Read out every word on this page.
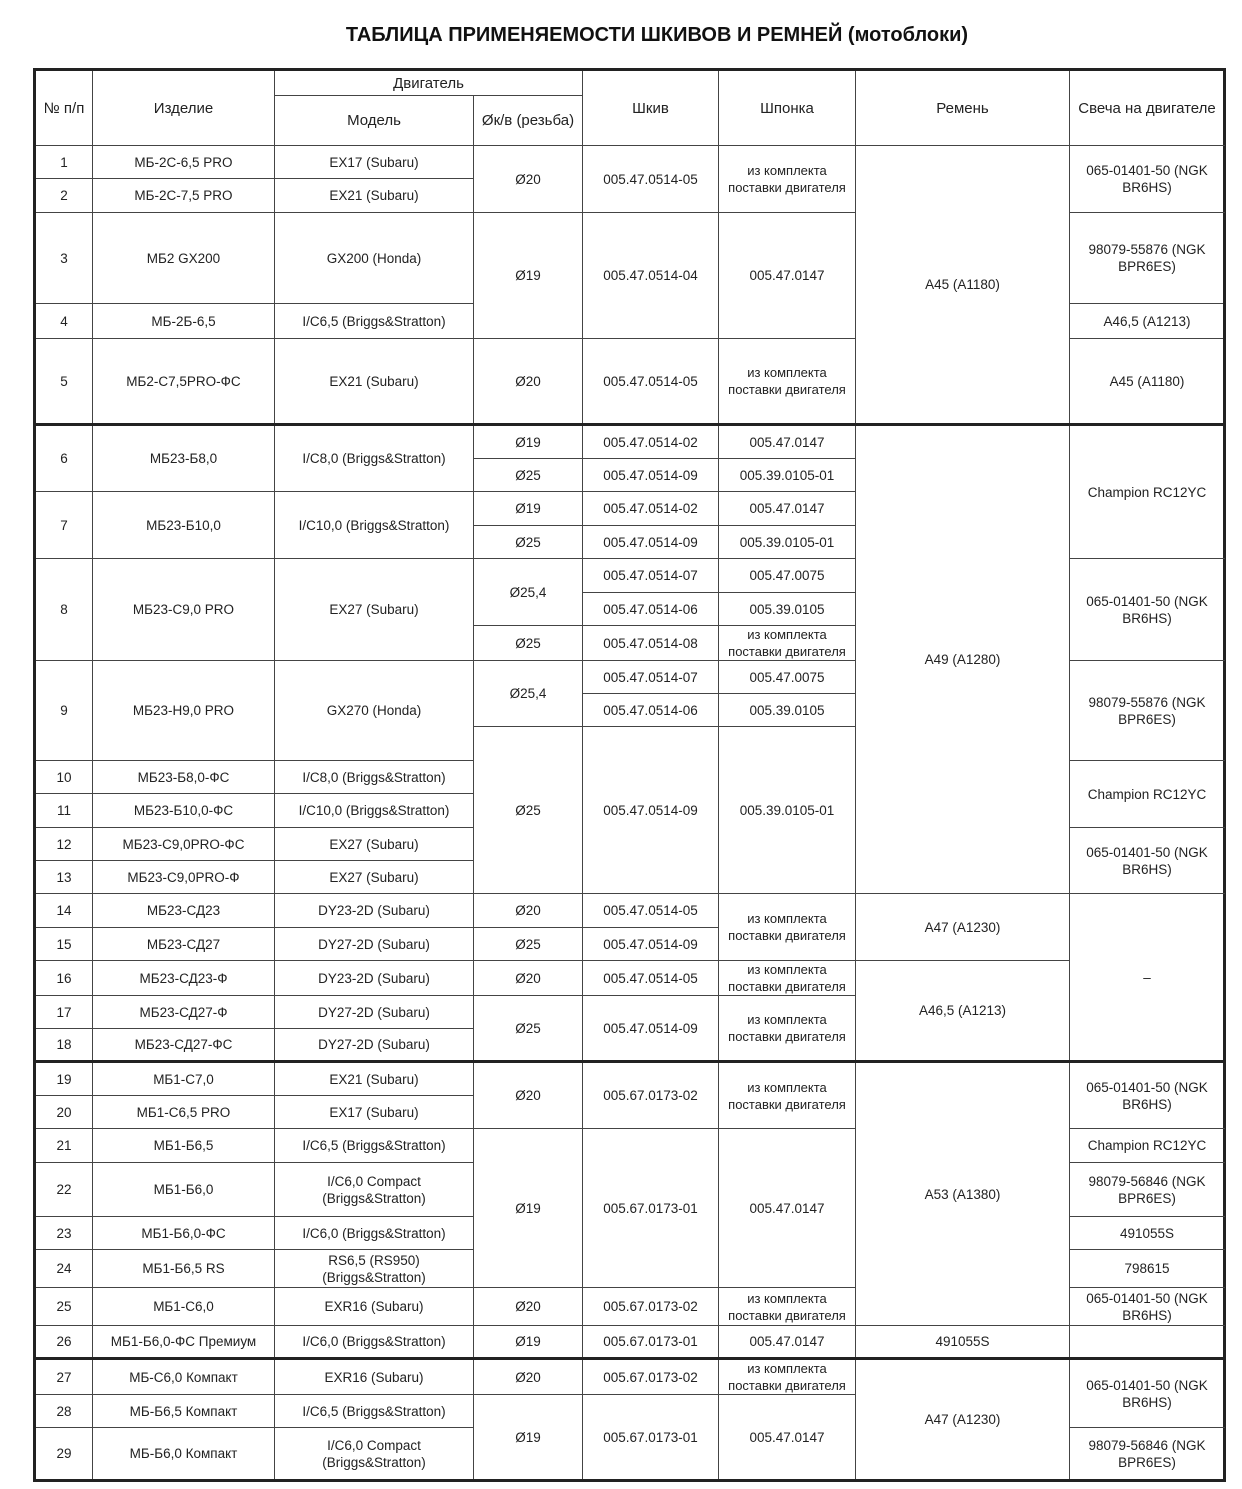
ТАБЛИЦА ПРИМЕНЯЕМОСТИ ШКИВОВ И РЕМНЕЙ (мотоблоки)
№ п/п	Изделие	Двигатель		Шкив	Шпонка	Ремень	Свеча на двигателе	
		Модель	Øк/в (резьба)					
1	МБ-2С-6,5 PRO	EX17 (Subaru)	Ø20	005.47.0514-05	из комплекта поставки двигателя	A45 (A1180)	065-01401-50 (NGK BR6HS)	
2	МБ-2С-7,5 PRO	EX21 (Subaru)						
3	МБ2 GX200	GX200 (Honda)	Ø19	005.47.0514-04	005.47.0147		98079-55876 (NGK BPR6ES)	
4	МБ-2Б-6,5	I/C6,5 (Briggs&Stratton)					A46,5 (A1213)	
5	МБ2-С7,5PRO-ФС	EX21 (Subaru)	Ø20	005.47.0514-05	из комплекта поставки двигателя		A45 (A1180)	
6	МБ23-Б8,0	I/C8,0 (Briggs&Stratton)	Ø19	005.47.0514-02	005.47.0147	A49 (A1280)	Champion RC12YC	
			Ø25	005.47.0514-09	005.39.0105-01			
7	МБ23-Б10,0	I/C10,0 (Briggs&Stratton)	Ø19	005.47.0514-02	005.47.0147			
			Ø25	005.47.0514-09	005.39.0105-01			
8	МБ23-С9,0 PRO	EX27 (Subaru)	Ø25,4	005.47.0514-07	005.47.0075		065-01401-50 (NGK BR6HS)	
				005.47.0514-06	005.39.0105			
			Ø25	005.47.0514-08	из комплекта поставки двигателя			
9	МБ23-Н9,0 PRO	GX270 (Honda)	Ø25,4	005.47.0514-07	005.47.0075		98079-55876 (NGK BPR6ES)	
				005.47.0514-06	005.39.0105			
			Ø25	005.47.0514-09	005.39.0105-01			
10	МБ23-Б8,0-ФС	I/C8,0 (Briggs&Stratton)					Champion RC12YC	
11	МБ23-Б10,0-ФС	I/C10,0 (Briggs&Stratton)						
12	МБ23-С9,0PRO-ФС	EX27 (Subaru)					065-01401-50 (NGK BR6HS)	
13	МБ23-С9,0PRO-Ф	EX27 (Subaru)						
14	МБ23-СД23	DY23-2D (Subaru)	Ø20	005.47.0514-05	из комплекта поставки двигателя	A47 (A1230)	–	
15	МБ23-СД27	DY27-2D (Subaru)	Ø25	005.47.0514-09				
16	МБ23-СД23-Ф	DY23-2D (Subaru)	Ø20	005.47.0514-05	из комплекта поставки двигателя	A46,5 (A1213)		
17	МБ23-СД27-Ф	DY27-2D (Subaru)	Ø25	005.47.0514-09	из комплекта поставки двигателя			
18	МБ23-СД27-ФС	DY27-2D (Subaru)						
19	МБ1-С7,0	EX21 (Subaru)	Ø20	005.67.0173-02	из комплекта поставки двигателя	A53 (A1380)	065-01401-50 (NGK BR6HS)	
20	МБ1-С6,5 PRO	EX17 (Subaru)						
21	МБ1-Б6,5	I/C6,5 (Briggs&Stratton)	Ø19	005.67.0173-01	005.47.0147		Champion RC12YC	
22	МБ1-Б6,0	I/C6,0 Compact (Briggs&Stratton)					98079-56846 (NGK BPR6ES)	
23	МБ1-Б6,0-ФС	I/C6,0 (Briggs&Stratton)					491055S	
24	МБ1-Б6,5 RS	RS6,5 (RS950) (Briggs&Stratton)					798615	
25	МБ1-С6,0	EXR16 (Subaru)	Ø20	005.67.0173-02	из комплекта поставки двигателя		065-01401-50 (NGK BR6HS)	
26	МБ1-Б6,0-ФС Премиум	I/C6,0 (Briggs&Stratton)	Ø19	005.67.0173-01	005.47.0147	491055S		
27	МБ-С6,0 Компакт	EXR16 (Subaru)	Ø20	005.67.0173-02	из комплекта поставки двигателя	A47 (A1230)	065-01401-50 (NGK BR6HS)	
28	МБ-Б6,5 Компакт	I/C6,5 (Briggs&Stratton)	Ø19	005.67.0173-01	005.47.0147			
29	МБ-Б6,0 Компакт	I/C6,0 Compact (Briggs&Stratton)					98079-56846 (NGK BPR6ES)	
